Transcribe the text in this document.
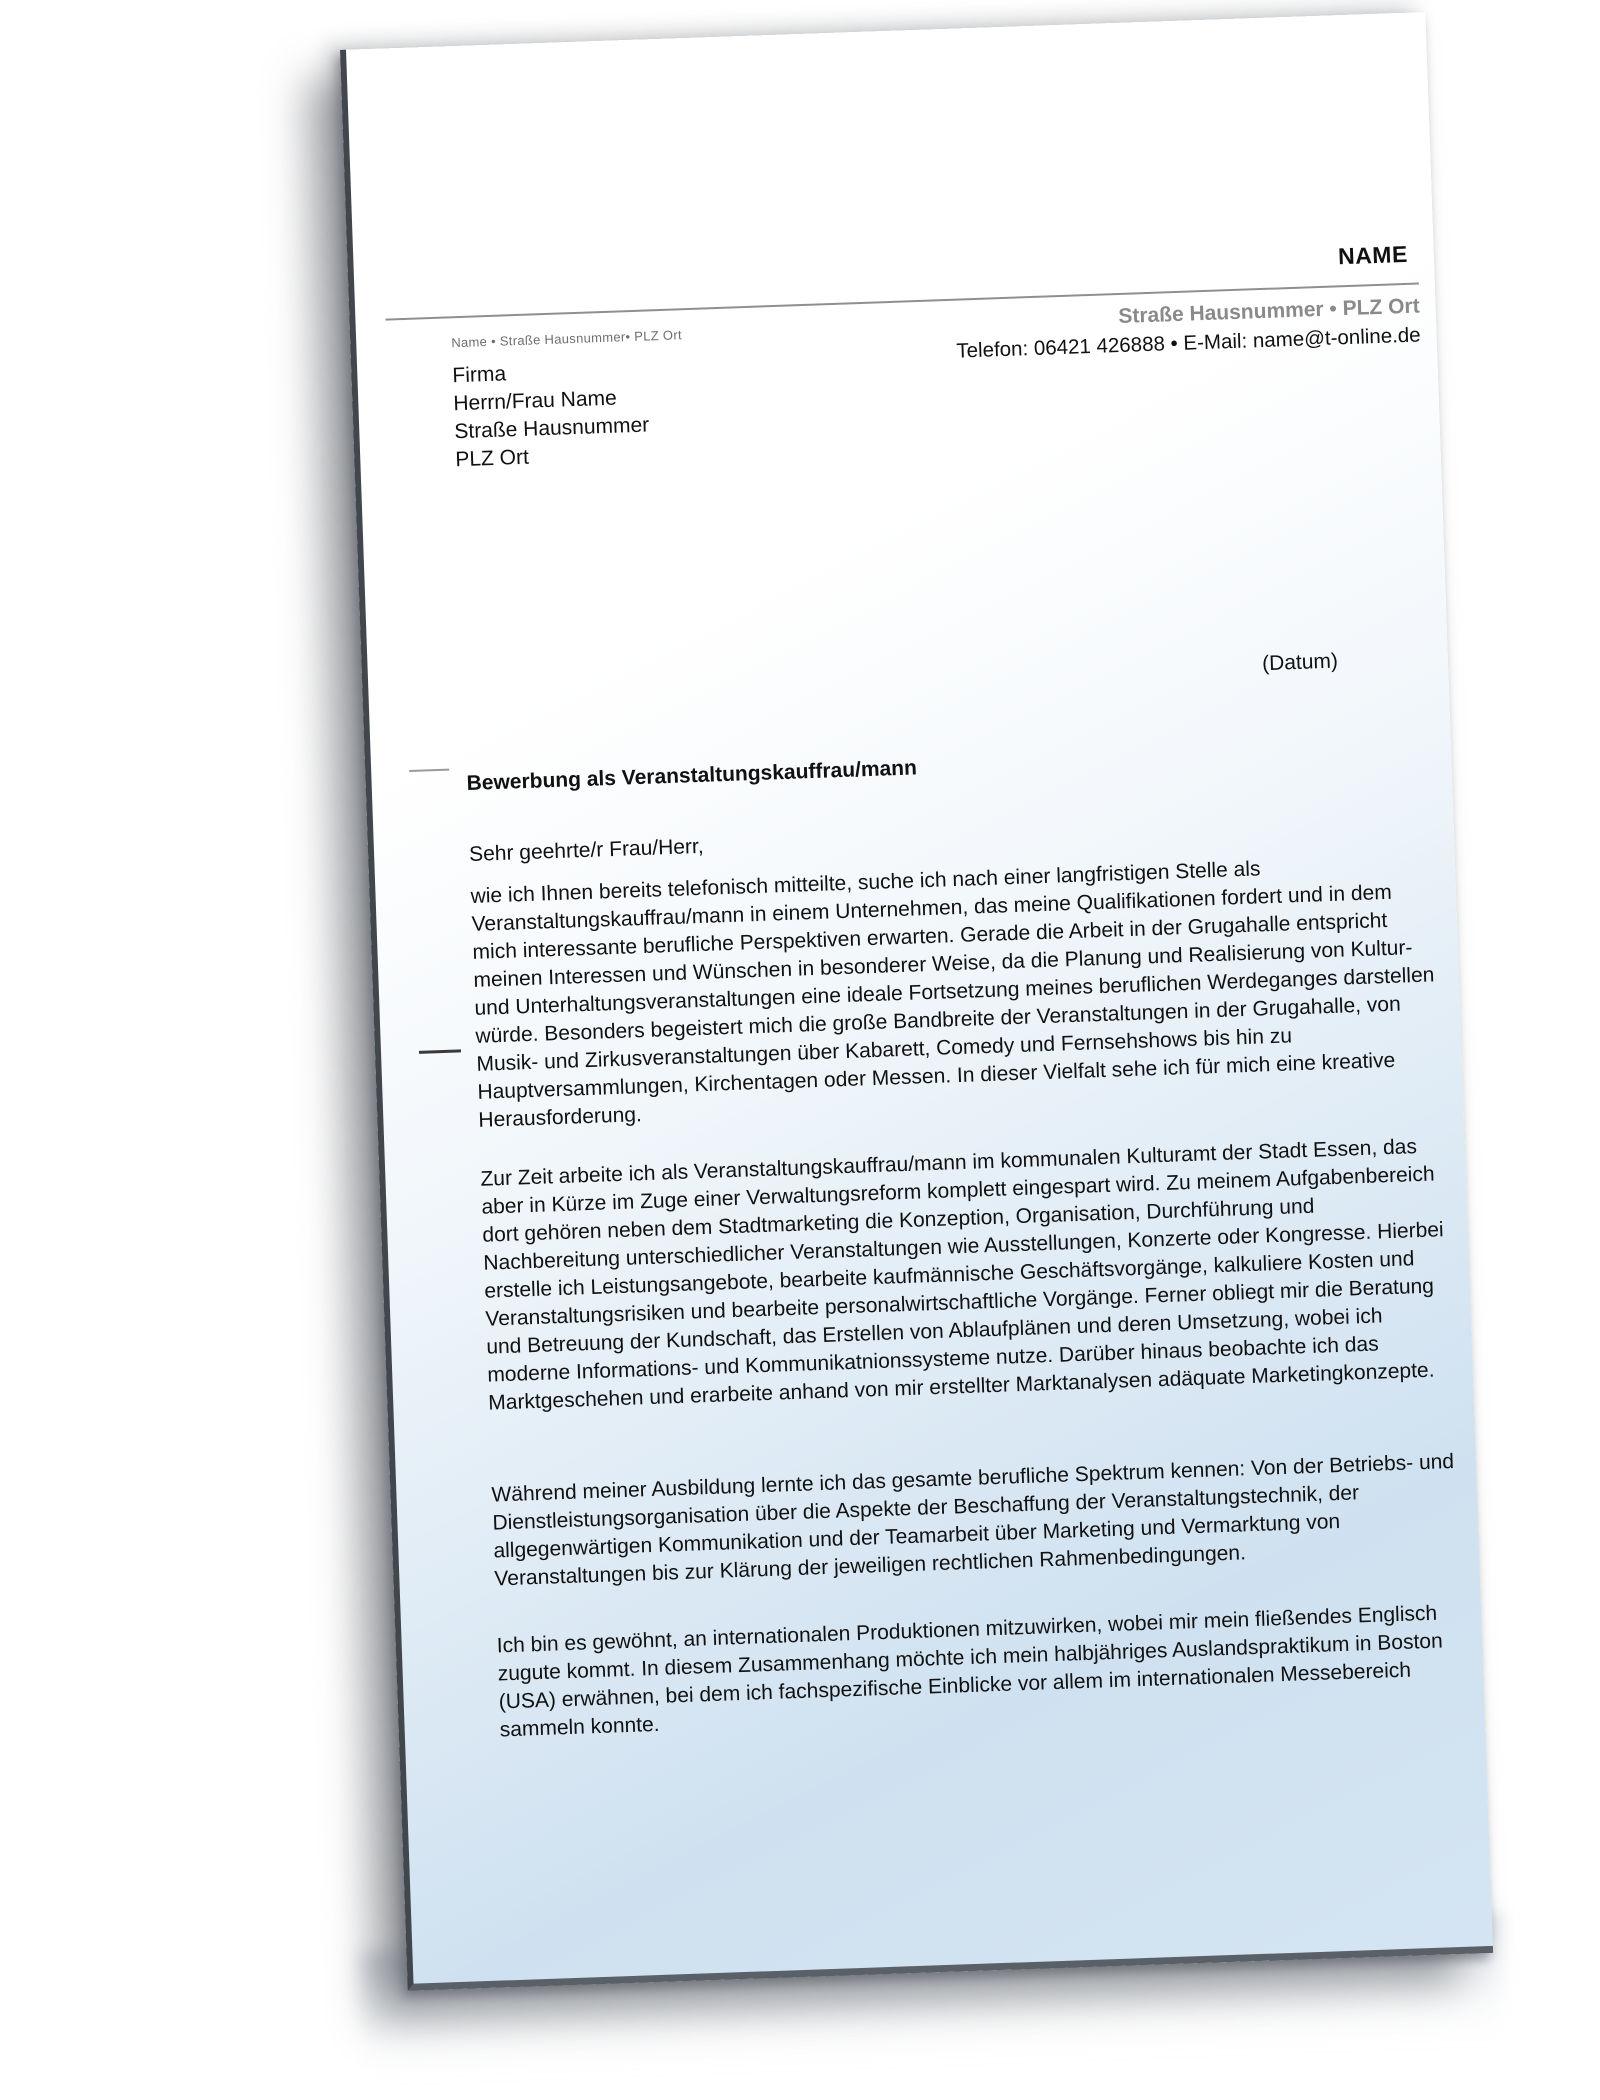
NAME
Straße Hausnummer • PLZ Ort
Telefon: 06421 426888 • E-Mail: name@t-online.de
Name • Straße Hausnummer• PLZ Ort
Firma
Herrn/Frau Name
Straße Hausnummer
PLZ Ort
(Datum)
Bewerbung als Veranstaltungskauffrau/mann
Sehr geehrte/r Frau/Herr,
wie ich Ihnen bereits telefonisch mitteilte, suche ich nach einer langfristigen Stelle als Veranstaltungskauffrau/mann in einem Unternehmen, das meine Qualifikationen fordert und in dem mich interessante berufliche Perspektiven erwarten. Gerade die Arbeit in der Grugahalle entspricht meinen Interessen und Wünschen in besonderer Weise, da die Planung und Realisierung von Kultur- und Unterhaltungsveranstaltungen eine ideale Fortsetzung meines beruflichen Werdeganges darstellen würde. Besonders begeistert mich die große Bandbreite der Veranstaltungen in der Grugahalle, von Musik- und Zirkusveranstaltungen über Kabarett, Comedy und Fernsehshows bis hin zu Hauptversammlungen, Kirchentagen oder Messen. In dieser Vielfalt sehe ich für mich eine kreative Herausforderung.
Zur Zeit arbeite ich als Veranstaltungskauffrau/mann im kommunalen Kulturamt der Stadt Essen, das aber in Kürze im Zuge einer Verwaltungsreform komplett eingespart wird. Zu meinem Aufgabenbereich dort gehören neben dem Stadtmarketing die Konzeption, Organisation, Durchführung und Nachbereitung unterschiedlicher Veranstaltungen wie Ausstellungen, Konzerte oder Kongresse. Hierbei erstelle ich Leistungsangebote, bearbeite kaufmännische Geschäftsvorgänge, kalkuliere Kosten und Veranstaltungsrisiken und bearbeite personalwirtschaftliche Vorgänge. Ferner obliegt mir die Beratung und Betreuung der Kundschaft, das Erstellen von Ablaufplänen und deren Umsetzung, wobei ich moderne Informations- und Kommunikatnionssysteme nutze. Darüber hinaus beobachte ich das Marktgeschehen und erarbeite anhand von mir erstellter Marktanalysen adäquate Marketingkonzepte.
Während meiner Ausbildung lernte ich das gesamte berufliche Spektrum kennen: Von der Betriebs- und Dienstleistungsorganisation über die Aspekte der Beschaffung der Veranstaltungstechnik, der allgegenwärtigen Kommunikation und der Teamarbeit über Marketing und Vermarktung von Veranstaltungen bis zur Klärung der jeweiligen rechtlichen Rahmenbedingungen.
Ich bin es gewöhnt, an internationalen Produktionen mitzuwirken, wobei mir mein fließendes Englisch zugute kommt. In diesem Zusammenhang möchte ich mein halbjähriges Auslandspraktikum in Boston (USA) erwähnen, bei dem ich fachspezifische Einblicke vor allem im internationalen Messebereich sammeln konnte.
